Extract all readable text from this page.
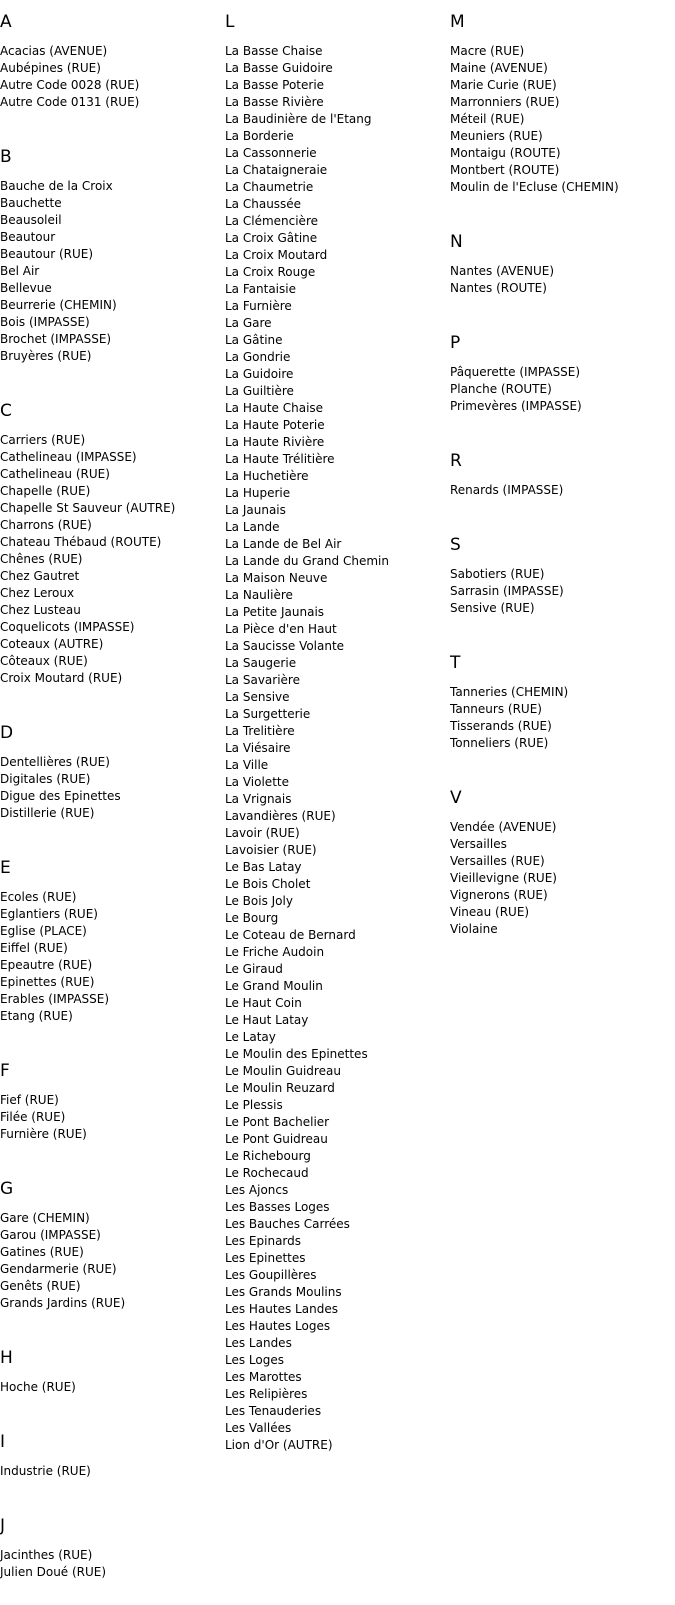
A
Acacias (AVENUE)
Aubépines (RUE)
Autre Code 0028 (RUE)
Autre Code 0131 (RUE)
B
Bauche de la Croix
Bauchette
Beausoleil
Beautour
Beautour (RUE)
Bel Air
Bellevue
Beurrerie (CHEMIN)
Bois (IMPASSE)
Brochet (IMPASSE)
Bruyères (RUE)
C
Carriers (RUE)
Cathelineau (IMPASSE)
Cathelineau (RUE)
Chapelle (RUE)
Chapelle St Sauveur (AUTRE)
Charrons (RUE)
Chateau Thébaud (ROUTE)
Chênes (RUE)
Chez Gautret
Chez Leroux
Chez Lusteau
Coquelicots (IMPASSE)
Coteaux (AUTRE)
Côteaux (RUE)
Croix Moutard (RUE)
D
Dentellières (RUE)
Digitales (RUE)
Digue des Epinettes
Distillerie (RUE)
E
Ecoles (RUE)
Eglantiers (RUE)
Eglise (PLACE)
Eiffel (RUE)
Epeautre (RUE)
Epinettes (RUE)
Erables (IMPASSE)
Etang (RUE)
F
Fief (RUE)
Filée (RUE)
Furnière (RUE)
G
Gare (CHEMIN)
Garou (IMPASSE)
Gatines (RUE)
Gendarmerie (RUE)
Genêts (RUE)
Grands Jardins (RUE)
H
Hoche (RUE)
I
Industrie (RUE)
J
Jacinthes (RUE)
Julien Doué (RUE)
L
La Basse Chaise
La Basse Guidoire
La Basse Poterie
La Basse Rivière
La Baudinière de l'Etang
La Borderie
La Cassonnerie
La Chataigneraie
La Chaumetrie
La Chaussée
La Clémencière
La Croix Gâtine
La Croix Moutard
La Croix Rouge
La Fantaisie
La Furnière
La Gare
La Gâtine
La Gondrie
La Guidoire
La Guiltière
La Haute Chaise
La Haute Poterie
La Haute Rivière
La Haute Trélitière
La Huchetière
La Huperie
La Jaunais
La Lande
La Lande de Bel Air
La Lande du Grand Chemin
La Maison Neuve
La Naulière
La Petite Jaunais
La Pièce d'en Haut
La Saucisse Volante
La Saugerie
La Savarière
La Sensive
La Surgetterie
La Trelitière
La Viésaire
La Ville
La Violette
La Vrignais
Lavandières (RUE)
Lavoir (RUE)
Lavoisier (RUE)
Le Bas Latay
Le Bois Cholet
Le Bois Joly
Le Bourg
Le Coteau de Bernard
Le Friche Audoin
Le Giraud
Le Grand Moulin
Le Haut Coin
Le Haut Latay
Le Latay
Le Moulin des Epinettes
Le Moulin Guidreau
Le Moulin Reuzard
Le Plessis
Le Pont Bachelier
Le Pont Guidreau
Le Richebourg
Le Rochecaud
Les Ajoncs
Les Basses Loges
Les Bauches Carrées
Les Epinards
Les Epinettes
Les Goupillères
Les Grands Moulins
Les Hautes Landes
Les Hautes Loges
Les Landes
Les Loges
Les Marottes
Les Relipières
Les Tenauderies
Les Vallées
Lion d'Or (AUTRE)
M
Macre (RUE)
Maine (AVENUE)
Marie Curie (RUE)
Marronniers (RUE)
Méteil (RUE)
Meuniers (RUE)
Montaigu (ROUTE)
Montbert (ROUTE)
Moulin de l'Ecluse (CHEMIN)
N
Nantes (AVENUE)
Nantes (ROUTE)
P
Pâquerette (IMPASSE)
Planche (ROUTE)
Primevères (IMPASSE)
R
Renards (IMPASSE)
S
Sabotiers (RUE)
Sarrasin (IMPASSE)
Sensive (RUE)
T
Tanneries (CHEMIN)
Tanneurs (RUE)
Tisserands (RUE)
Tonneliers (RUE)
V
Vendée (AVENUE)
Versailles
Versailles (RUE)
Vieillevigne (RUE)
Vignerons (RUE)
Vineau (RUE)
Violaine
